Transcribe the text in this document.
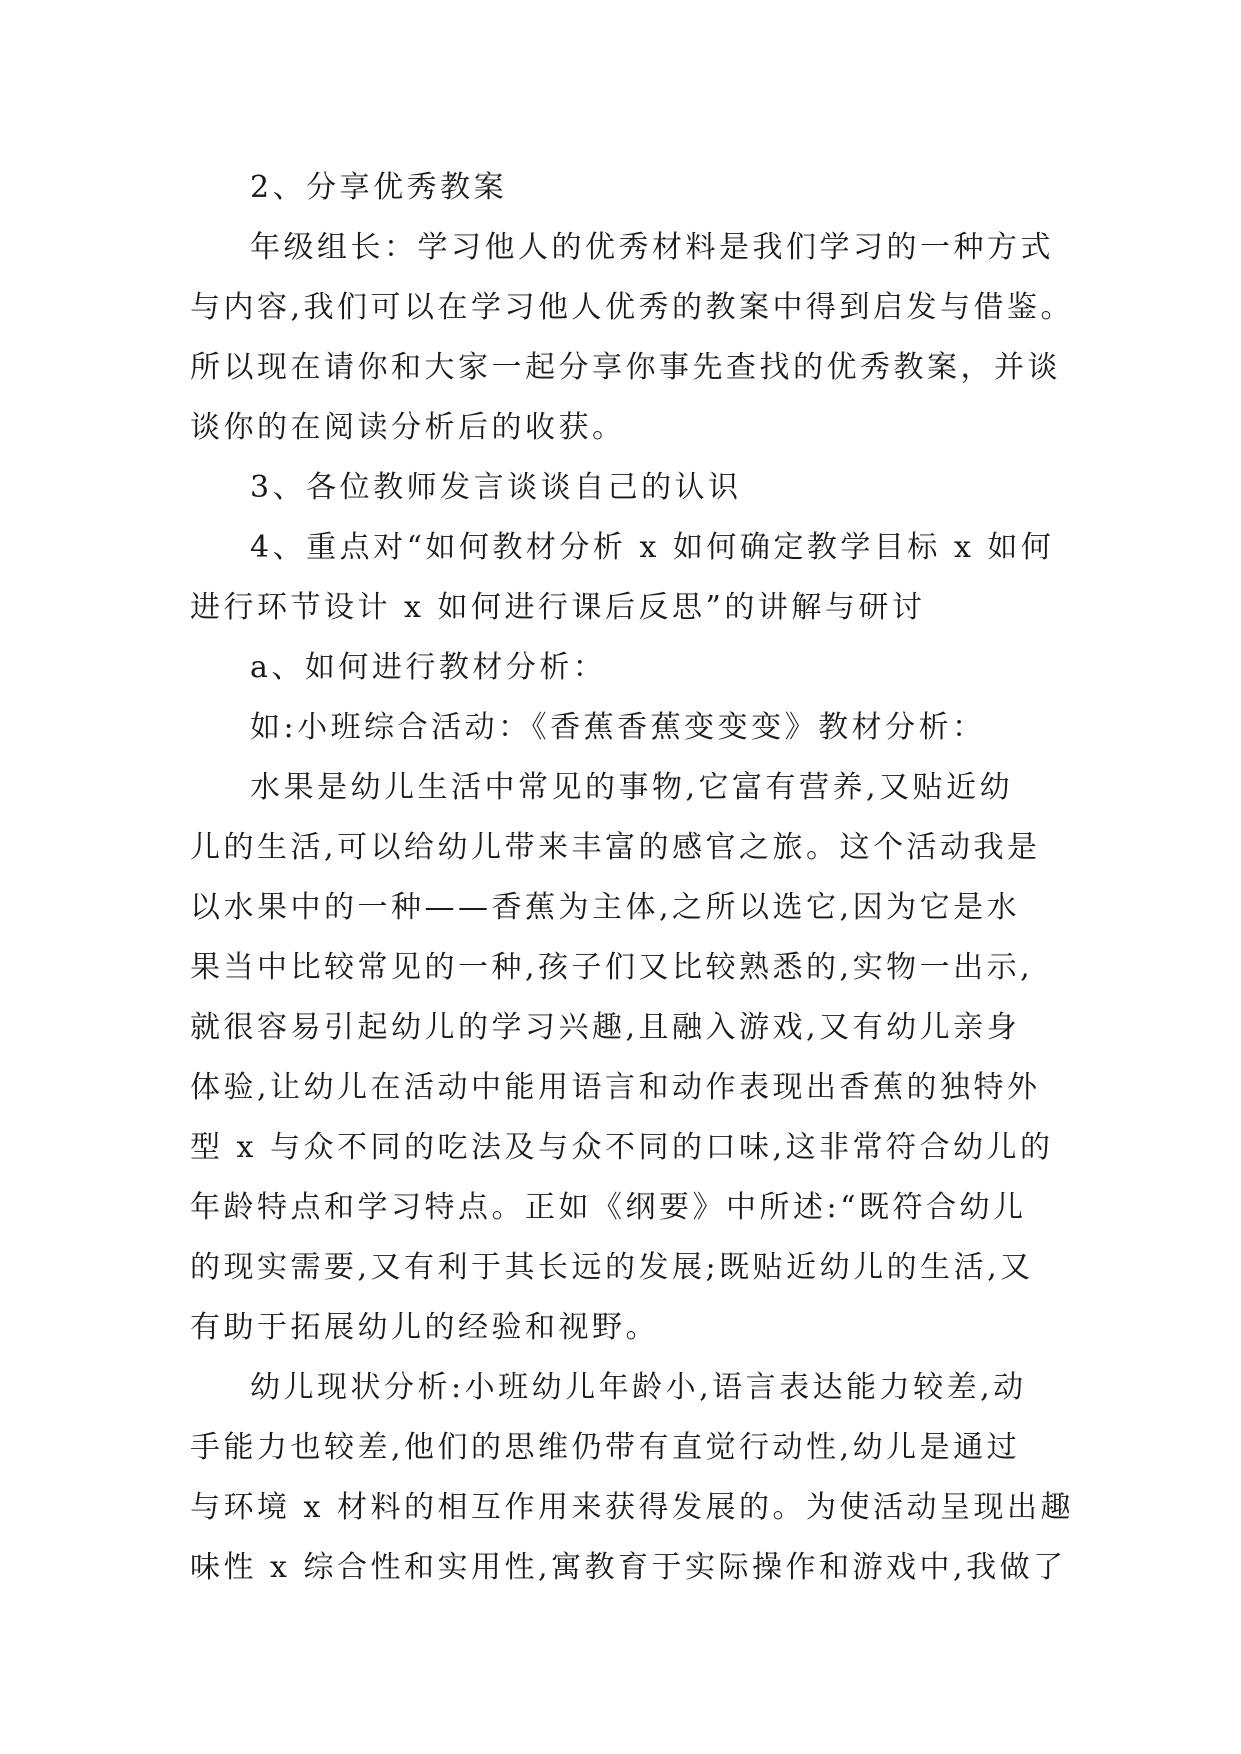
2、分享优秀教案
年级组长：学习他人的优秀材料是我们学习的一种方式
与内容,我们可以在学习他人优秀的教案中得到启发与借鉴。
所以现在请你和大家一起分享你事先查找的优秀教案，并谈
谈你的在阅读分析后的收获。
3、各位教师发言谈谈自己的认识
4、重点对“如何教材分析 x 如何确定教学目标 x 如何
进行环节设计 x 如何进行课后反思”的讲解与研讨
a、如何进行教材分析：
如:小班综合活动：《香蕉香蕉变变变》教材分析：
水果是幼儿生活中常见的事物,它富有营养,又贴近幼
儿的生活,可以给幼儿带来丰富的感官之旅。这个活动我是
以水果中的一种——香蕉为主体,之所以选它,因为它是水
果当中比较常见的一种,孩子们又比较熟悉的,实物一出示,
就很容易引起幼儿的学习兴趣,且融入游戏,又有幼儿亲身
体验,让幼儿在活动中能用语言和动作表现出香蕉的独特外
型 x 与众不同的吃法及与众不同的口味,这非常符合幼儿的
年龄特点和学习特点。正如《纲要》中所述:“既符合幼儿
的现实需要,又有利于其长远的发展;既贴近幼儿的生活,又
有助于拓展幼儿的经验和视野。
幼儿现状分析:小班幼儿年龄小,语言表达能力较差,动
手能力也较差,他们的思维仍带有直觉行动性,幼儿是通过
与环境 x 材料的相互作用来获得发展的。为使活动呈现出趣
味性 x 综合性和实用性,寓教育于实际操作和游戏中,我做了
